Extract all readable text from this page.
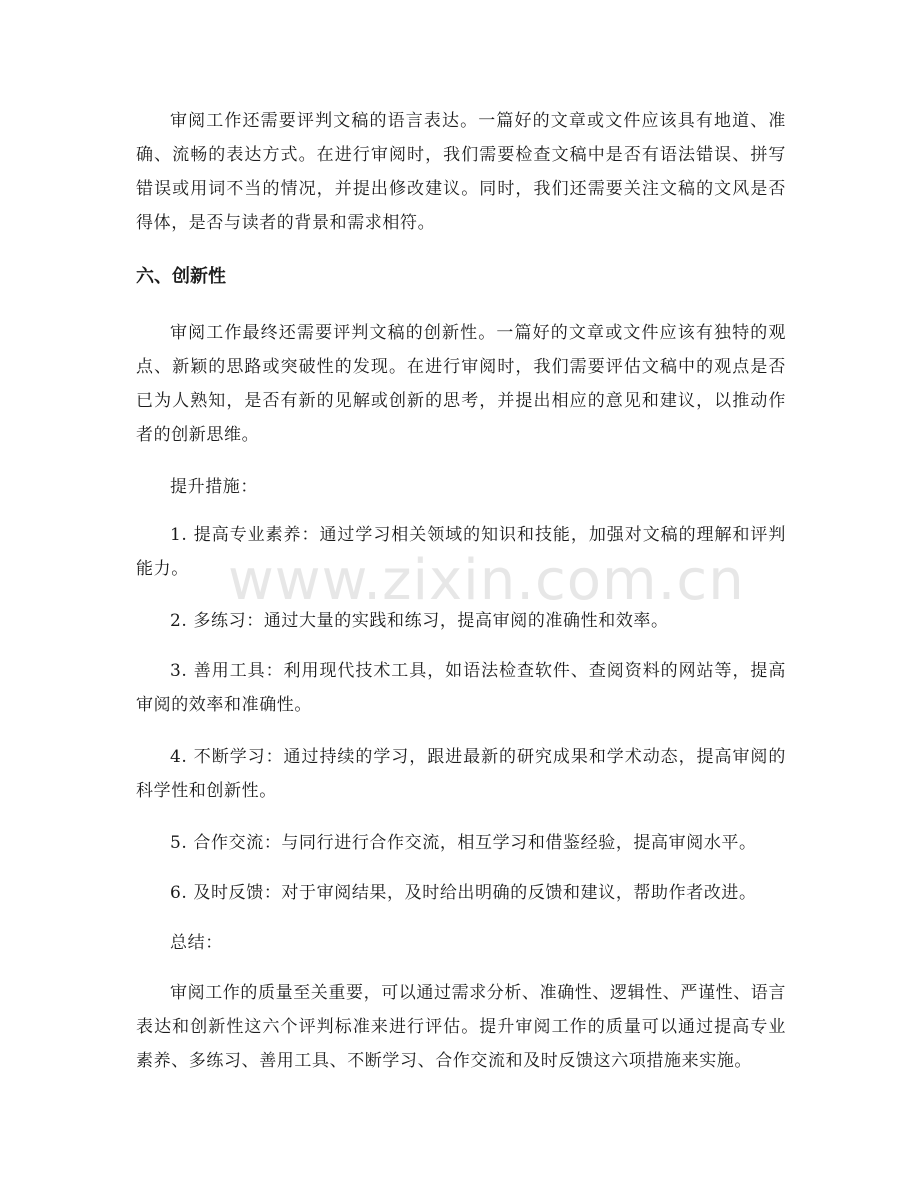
审阅工作还需要评判文稿的语言表达。一篇好的文章或文件应该具有地道、准确、流畅的表达方式。在进行审阅时，我们需要检查文稿中是否有语法错误、拼写错误或用词不当的情况，并提出修改建议。同时，我们还需要关注文稿的文风是否得体，是否与读者的背景和需求相符。

六、创新性

审阅工作最终还需要评判文稿的创新性。一篇好的文章或文件应该有独特的观点、新颖的思路或突破性的发现。在进行审阅时，我们需要评估文稿中的观点是否已为人熟知，是否有新的见解或创新的思考，并提出相应的意见和建议，以推动作者的创新思维。

提升措施：

1. 提高专业素养：通过学习相关领域的知识和技能，加强对文稿的理解和评判能力。

2. 多练习：通过大量的实践和练习，提高审阅的准确性和效率。

3. 善用工具：利用现代技术工具，如语法检查软件、查阅资料的网站等，提高审阅的效率和准确性。

4. 不断学习：通过持续的学习，跟进最新的研究成果和学术动态，提高审阅的科学性和创新性。

5. 合作交流：与同行进行合作交流，相互学习和借鉴经验，提高审阅水平。

6. 及时反馈：对于审阅结果，及时给出明确的反馈和建议，帮助作者改进。

总结：

审阅工作的质量至关重要，可以通过需求分析、准确性、逻辑性、严谨性、语言表达和创新性这六个评判标准来进行评估。提升审阅工作的质量可以通过提高专业素养、多练习、善用工具、不断学习、合作交流和及时反馈这六项措施来实施。

www.zixin.com.cn
